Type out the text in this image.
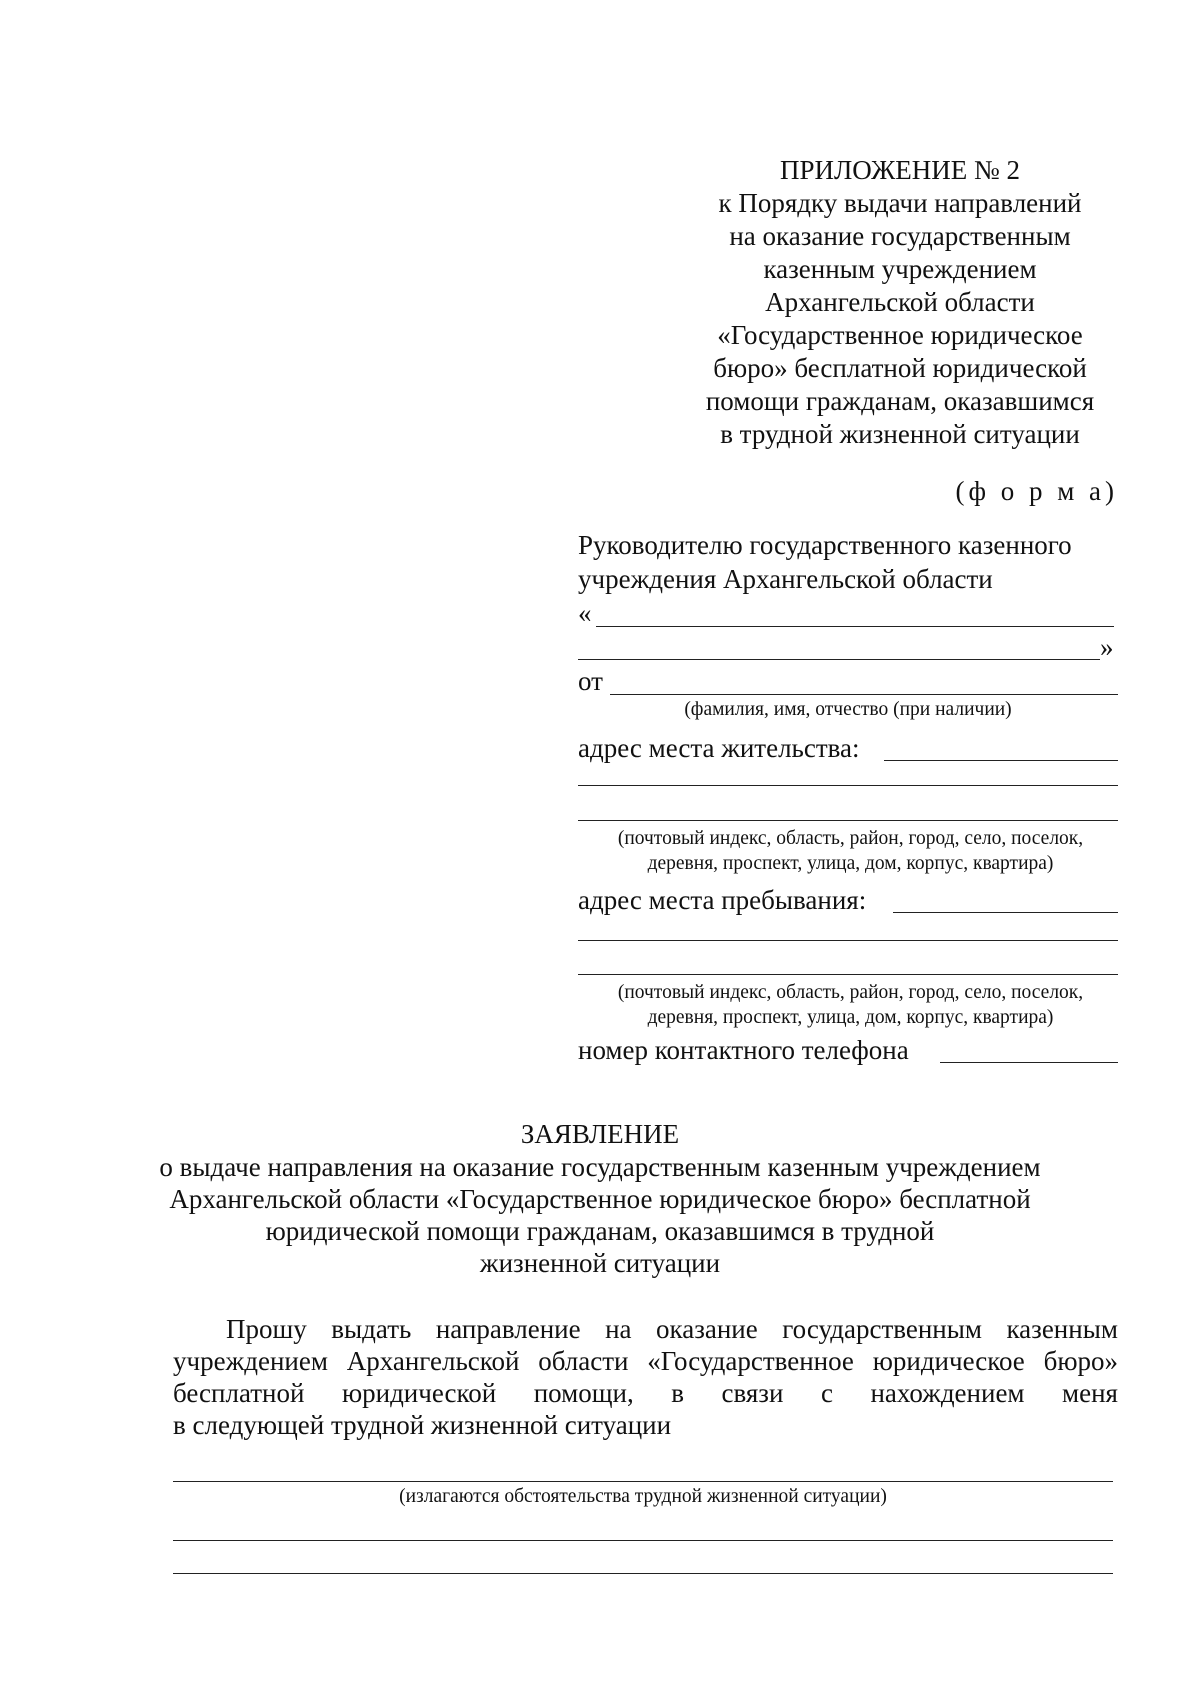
ПРИЛОЖЕНИЕ № 2
к Порядку выдачи направлений
на оказание государственным
казенным учреждением
Архангельской области
«Государственное юридическое
бюро» бесплатной юридической
помощи гражданам, оказавшимся
в трудной жизненной ситуации
(ф о р м а)
Руководителю государственного казенного
учреждения Архангельской области
«
»
от
(фамилия, имя, отчество (при наличии)
адрес места жительства:
(почтовый индекс, область, район, город, село, поселок,
деревня, проспект, улица, дом, корпус, квартира)
адрес места пребывания:
(почтовый индекс, область, район, город, село, поселок,
деревня, проспект, улица, дом, корпус, квартира)
номер контактного телефона
ЗАЯВЛЕНИЕ
о выдаче направления на оказание государственным казенным учреждением
Архангельской области «Государственное юридическое бюро» бесплатной
юридической помощи гражданам, оказавшимся в трудной
жизненной ситуации
Прошу выдать направление на оказание государственным казенным
учреждением Архангельской области «Государственное юридическое бюро»
бесплатной юридической помощи, в связи с нахождением меня
в следующей трудной жизненной ситуации
(излагаются обстоятельства трудной жизненной ситуации)
